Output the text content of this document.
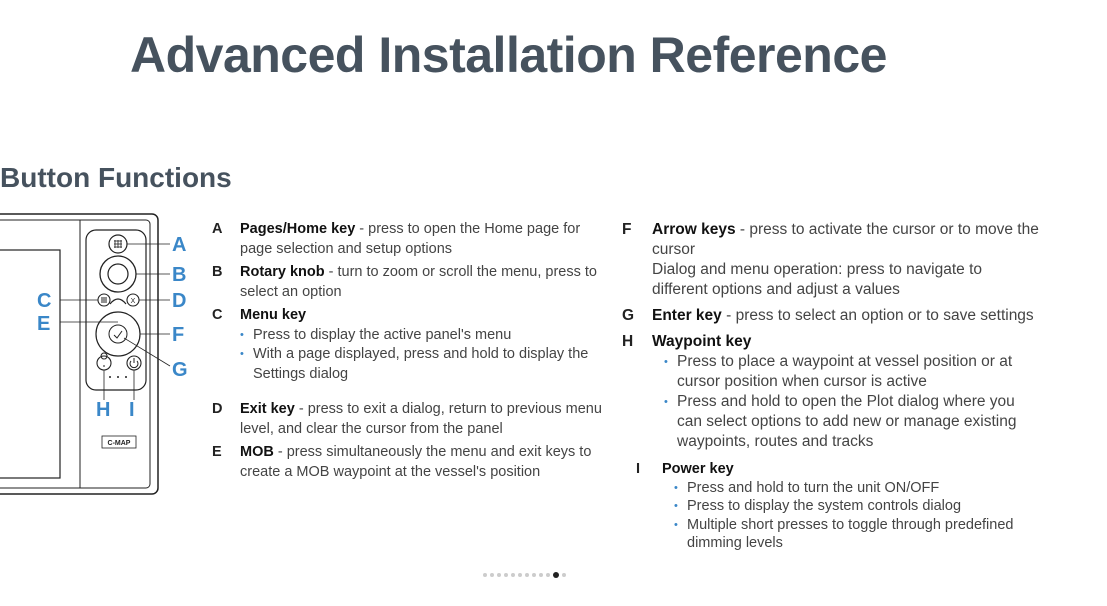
Advanced Installation Reference
Button Functions
X
C-MAP
A
B
C	D
E	F
G
H I
A Pages/Home key - press to open the Home page for page selection and setup options
B Rotary knob - turn to zoom or scroll the menu, press to select an option
C Menu key
• Press to display the active panel's menu
• With a page displayed, press and hold to display the Settings dialog
D Exit key - press to exit a dialog, return to previous menu level, and clear the cursor from the panel
E MOB - press simultaneously the menu and exit keys to create a MOB waypoint at the vessel's position
F Arrow keys - press to activate the cursor or to move the cursor
Dialog and menu operation: press to navigate to different options and adjust a values
G Enter key - press to select an option or to save settings
H Waypoint key
• Press to place a waypoint at vessel position or at cursor position when cursor is active
• Press and hold to open the Plot dialog where you can select options to add new or manage existing waypoints, routes and tracks
I Power key
• Press and hold to turn the unit ON/OFF
• Press to display the system controls dialog
• Multiple short presses to toggle through predefined dimming levels
